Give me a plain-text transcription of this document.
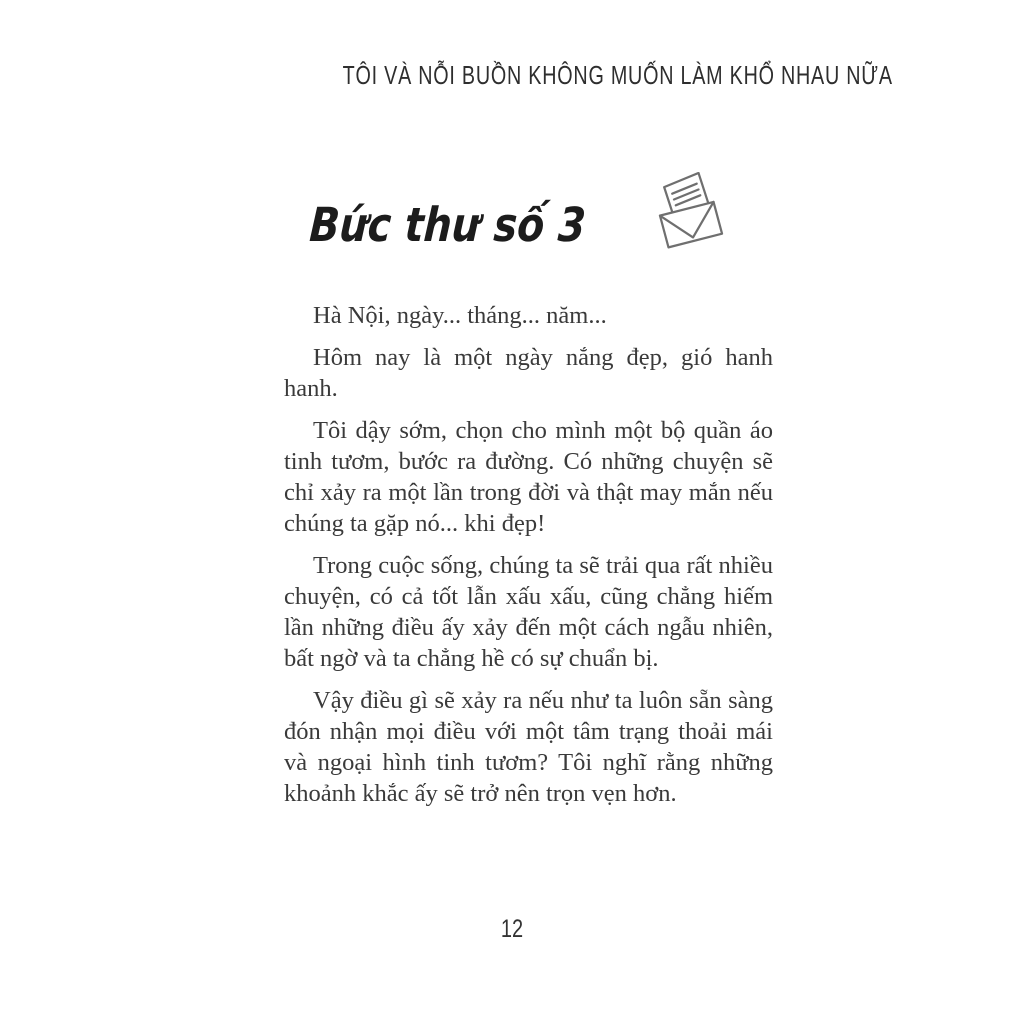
TÔI VÀ NỖI BUỒN KHÔNG MUỐN LÀM KHỔ NHAU NỮA
Bức thư số 3

Hà Nội, ngày... tháng... năm...

Hôm nay là một ngày nắng đẹp, gió hanh hanh.

Tôi dậy sớm, chọn cho mình một bộ quần áo tinh tươm, bước ra đường. Có những chuyện sẽ chỉ xảy ra một lần trong đời và thật may mắn nếu chúng ta gặp nó... khi đẹp!

Trong cuộc sống, chúng ta sẽ trải qua rất nhiều chuyện, có cả tốt lẫn xấu xấu, cũng chẳng hiếm lần những điều ấy xảy đến một cách ngẫu nhiên, bất ngờ và ta chẳng hề có sự chuẩn bị.

Vậy điều gì sẽ xảy ra nếu như ta luôn sẵn sàng đón nhận mọi điều với một tâm trạng thoải mái và ngoại hình tinh tươm? Tôi nghĩ rằng những khoảnh khắc ấy sẽ trở nên trọn vẹn hơn.

12
